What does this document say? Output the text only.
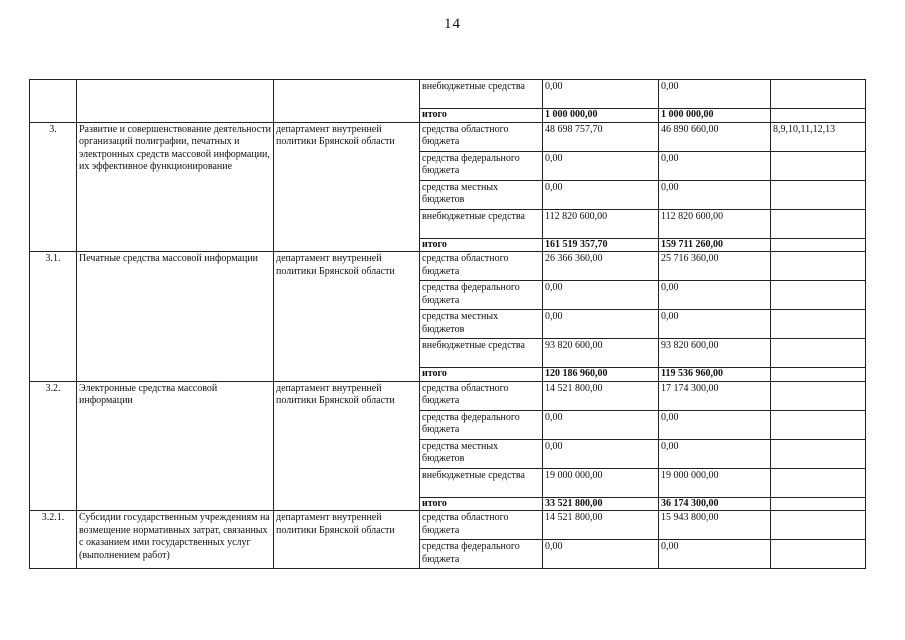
14
			внебюджетные средства	0,00	0,00	
			итого	1 000 000,00	1 000 000,00	
3.	Развитие и совершенствование деятельности организаций полиграфии, печатных и электронных средств массовой информации, их эффективное функционирование	департамент внутренней политики Брянской области	средства областного бюджета	48 698 757,70	46 890 660,00	8,9,10,11,12,13
			средства федерального бюджета	0,00	0,00	
			средства местных бюджетов	0,00	0,00	
			внебюджетные средства	112 820 600,00	112 820 600,00	
			итого	161 519 357,70	159 711 260,00	
3.1.	Печатные средства массовой информации	департамент внутренней политики Брянской области	средства областного бюджета	26 366 360,00	25 716 360,00	
			средства федерального бюджета	0,00	0,00	
			средства местных бюджетов	0,00	0,00	
			внебюджетные средства	93 820 600,00	93 820 600,00	
			итого	120 186 960,00	119 536 960,00	
3.2.	Электронные средства массовой информации	департамент внутренней политики Брянской области	средства областного бюджета	14 521 800,00	17 174 300,00	
			средства федерального бюджета	0,00	0,00	
			средства местных бюджетов	0,00	0,00	
			внебюджетные средства	19 000 000,00	19 000 000,00	
			итого	33 521 800,00	36 174 300,00	
3.2.1.	Субсидии государственным учреждениям на возмещение нормативных затрат, связанных с оказанием ими государственных услуг (выполнением работ)	департамент внутренней политики Брянской области	средства областного бюджета	14 521 800,00	15 943 800,00	
			средства федерального бюджета	0,00	0,00	
